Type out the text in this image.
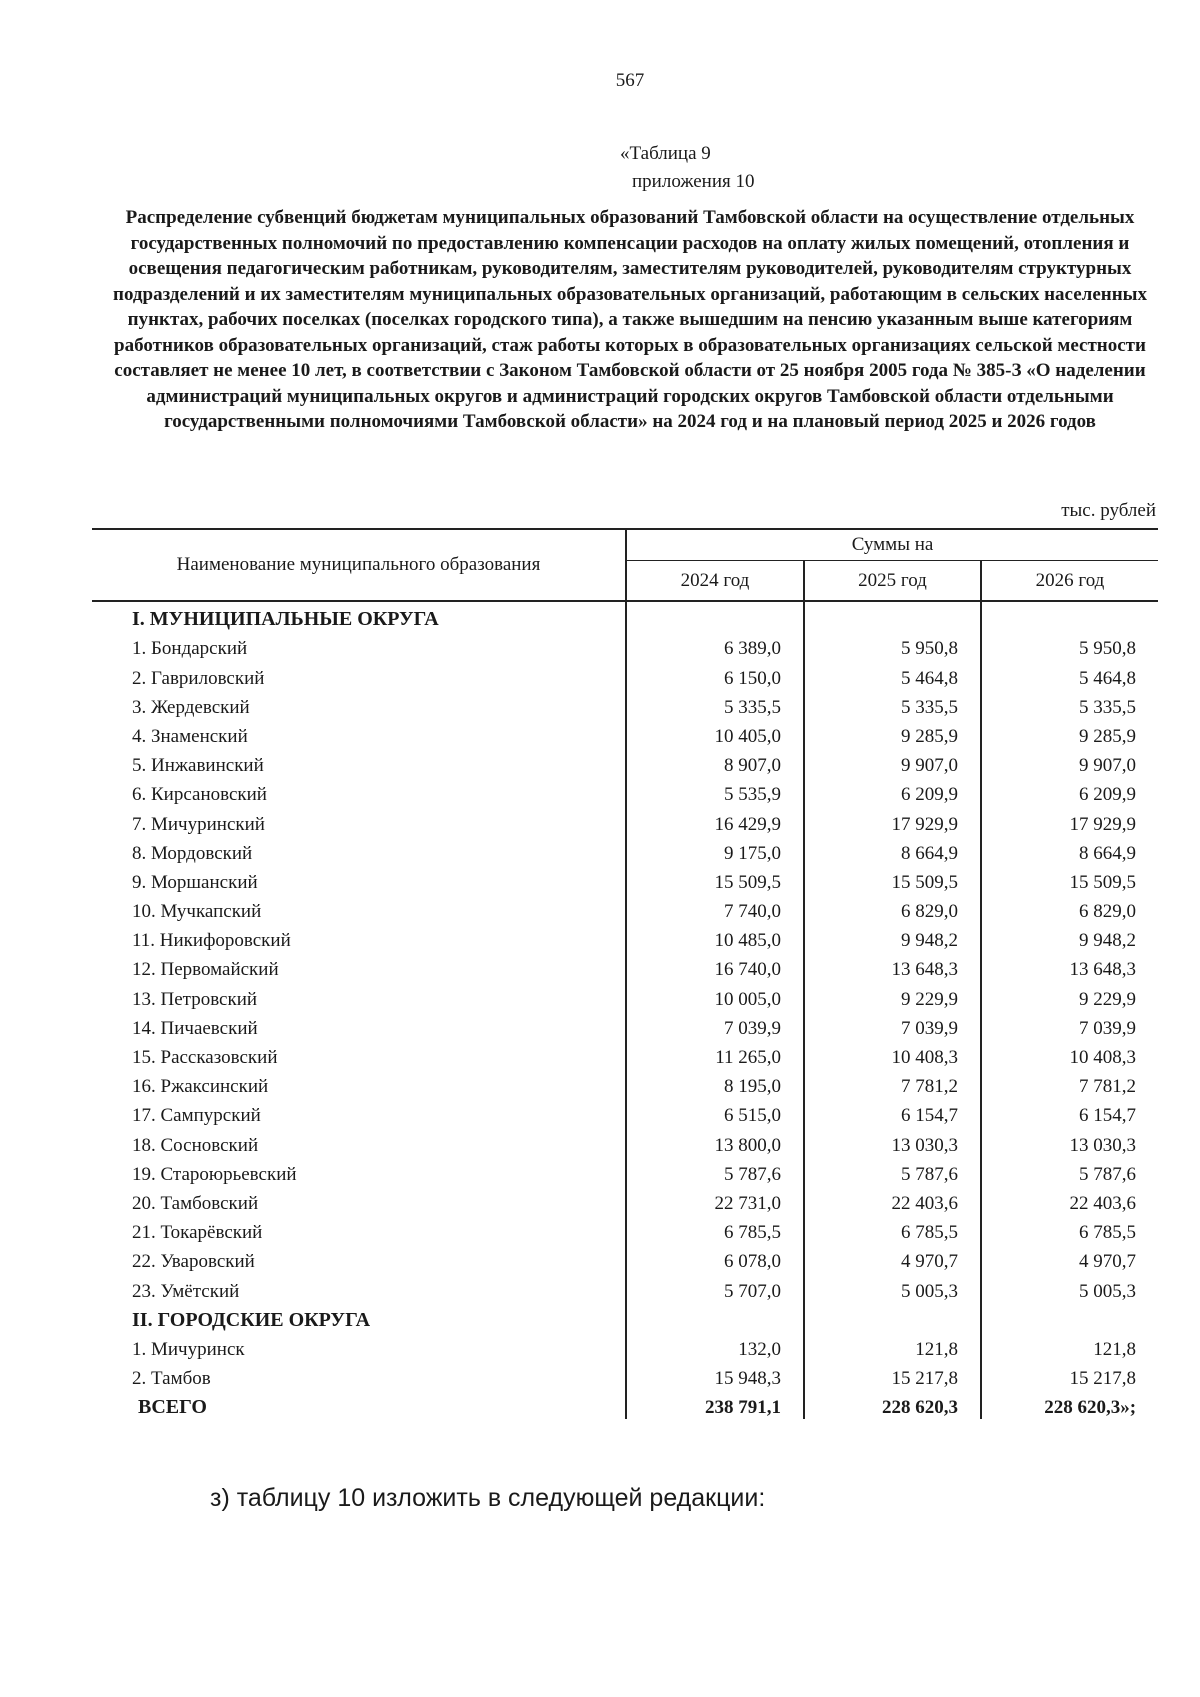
567
«Таблица 9
приложения 10
Распределение субвенций бюджетам муниципальных образований Тамбовской области на осуществление отдельных государственных полномочий по предоставлению компенсации расходов на оплату жилых помещений, отопления и освещения педагогическим работникам, руководителям, заместителям руководителей, руководителям структурных подразделений и их заместителям муниципальных образовательных организаций, работающим в сельских населенных пунктах, рабочих поселках (поселках городского типа), а также вышедшим на пенсию указанным выше категориям работников образовательных организаций, стаж работы которых в образовательных организациях сельской местности составляет не менее 10 лет, в соответствии с Законом Тамбовской области от 25 ноября 2005 года № 385-З «О наделении администраций муниципальных округов и администраций городских округов Тамбовской области отдельными государственными полномочиями Тамбовской области» на 2024 год и на плановый период 2025 и 2026 годов
тыс. рублей
Наименование муниципального образования	Суммы на		
	2024 год	2025 год	2026 год
I. МУНИЦИПАЛЬНЫЕ ОКРУГА			
1. Бондарский	6 389,0	5 950,8	5 950,8
2. Гавриловский	6 150,0	5 464,8	5 464,8
3. Жердевский	5 335,5	5 335,5	5 335,5
4. Знаменский	10 405,0	9 285,9	9 285,9
5. Инжавинский	8 907,0	9 907,0	9 907,0
6. Кирсановский	5 535,9	6 209,9	6 209,9
7. Мичуринский	16 429,9	17 929,9	17 929,9
8. Мордовский	9 175,0	8 664,9	8 664,9
9. Моршанский	15 509,5	15 509,5	15 509,5
10. Мучкапский	7 740,0	6 829,0	6 829,0
11. Никифоровский	10 485,0	9 948,2	9 948,2
12. Первомайский	16 740,0	13 648,3	13 648,3
13. Петровский	10 005,0	9 229,9	9 229,9
14. Пичаевский	7 039,9	7 039,9	7 039,9
15. Рассказовский	11 265,0	10 408,3	10 408,3
16. Ржаксинский	8 195,0	7 781,2	7 781,2
17. Сампурский	6 515,0	6 154,7	6 154,7
18. Сосновский	13 800,0	13 030,3	13 030,3
19. Староюрьевский	5 787,6	5 787,6	5 787,6
20. Тамбовский	22 731,0	22 403,6	22 403,6
21. Токарёвский	6 785,5	6 785,5	6 785,5
22. Уваровский	6 078,0	4 970,7	4 970,7
23. Умётский	5 707,0	5 005,3	5 005,3
II. ГОРОДСКИЕ ОКРУГА			
1. Мичуринск	132,0	121,8	121,8
2. Тамбов	15 948,3	15 217,8	15 217,8
ВСЕГО	238 791,1	228 620,3	228 620,3»;
з) таблицу 10 изложить в следующей редакции:
